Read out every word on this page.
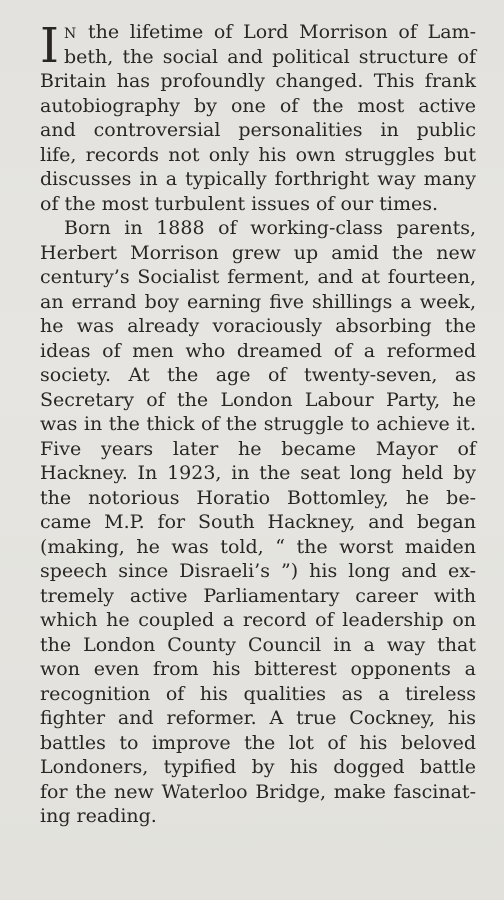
I N the lifetime of Lord Morrison of Lam-
beth, the social and political structure of
Britain has profoundly changed. This frank
autobiography by one of the most active
and controversial personalities in public
life, records not only his own struggles but
discusses in a typically forthright way many
of the most turbulent issues of our times.
Born in 1888 of working-class parents,
Herbert Morrison grew up amid the new
century’s Socialist ferment, and at fourteen,
an errand boy earning five shillings a week,
he was already voraciously absorbing the
ideas of men who dreamed of a reformed
society. At the age of twenty-seven, as
Secretary of the London Labour Party, he
was in the thick of the struggle to achieve it.
Five years later he became Mayor of
Hackney. In 1923, in the seat long held by
the notorious Horatio Bottomley, he be-
came M.P. for South Hackney, and began
(making, he was told, “ the worst maiden
speech since Disraeli’s ”) his long and ex-
tremely active Parliamentary career with
which he coupled a record of leadership on
the London County Council in a way that
won even from his bitterest opponents a
recognition of his qualities as a tireless
fighter and reformer. A true Cockney, his
battles to improve the lot of his beloved
Londoners, typified by his dogged battle
for the new Waterloo Bridge, make fascinat-
ing reading.
